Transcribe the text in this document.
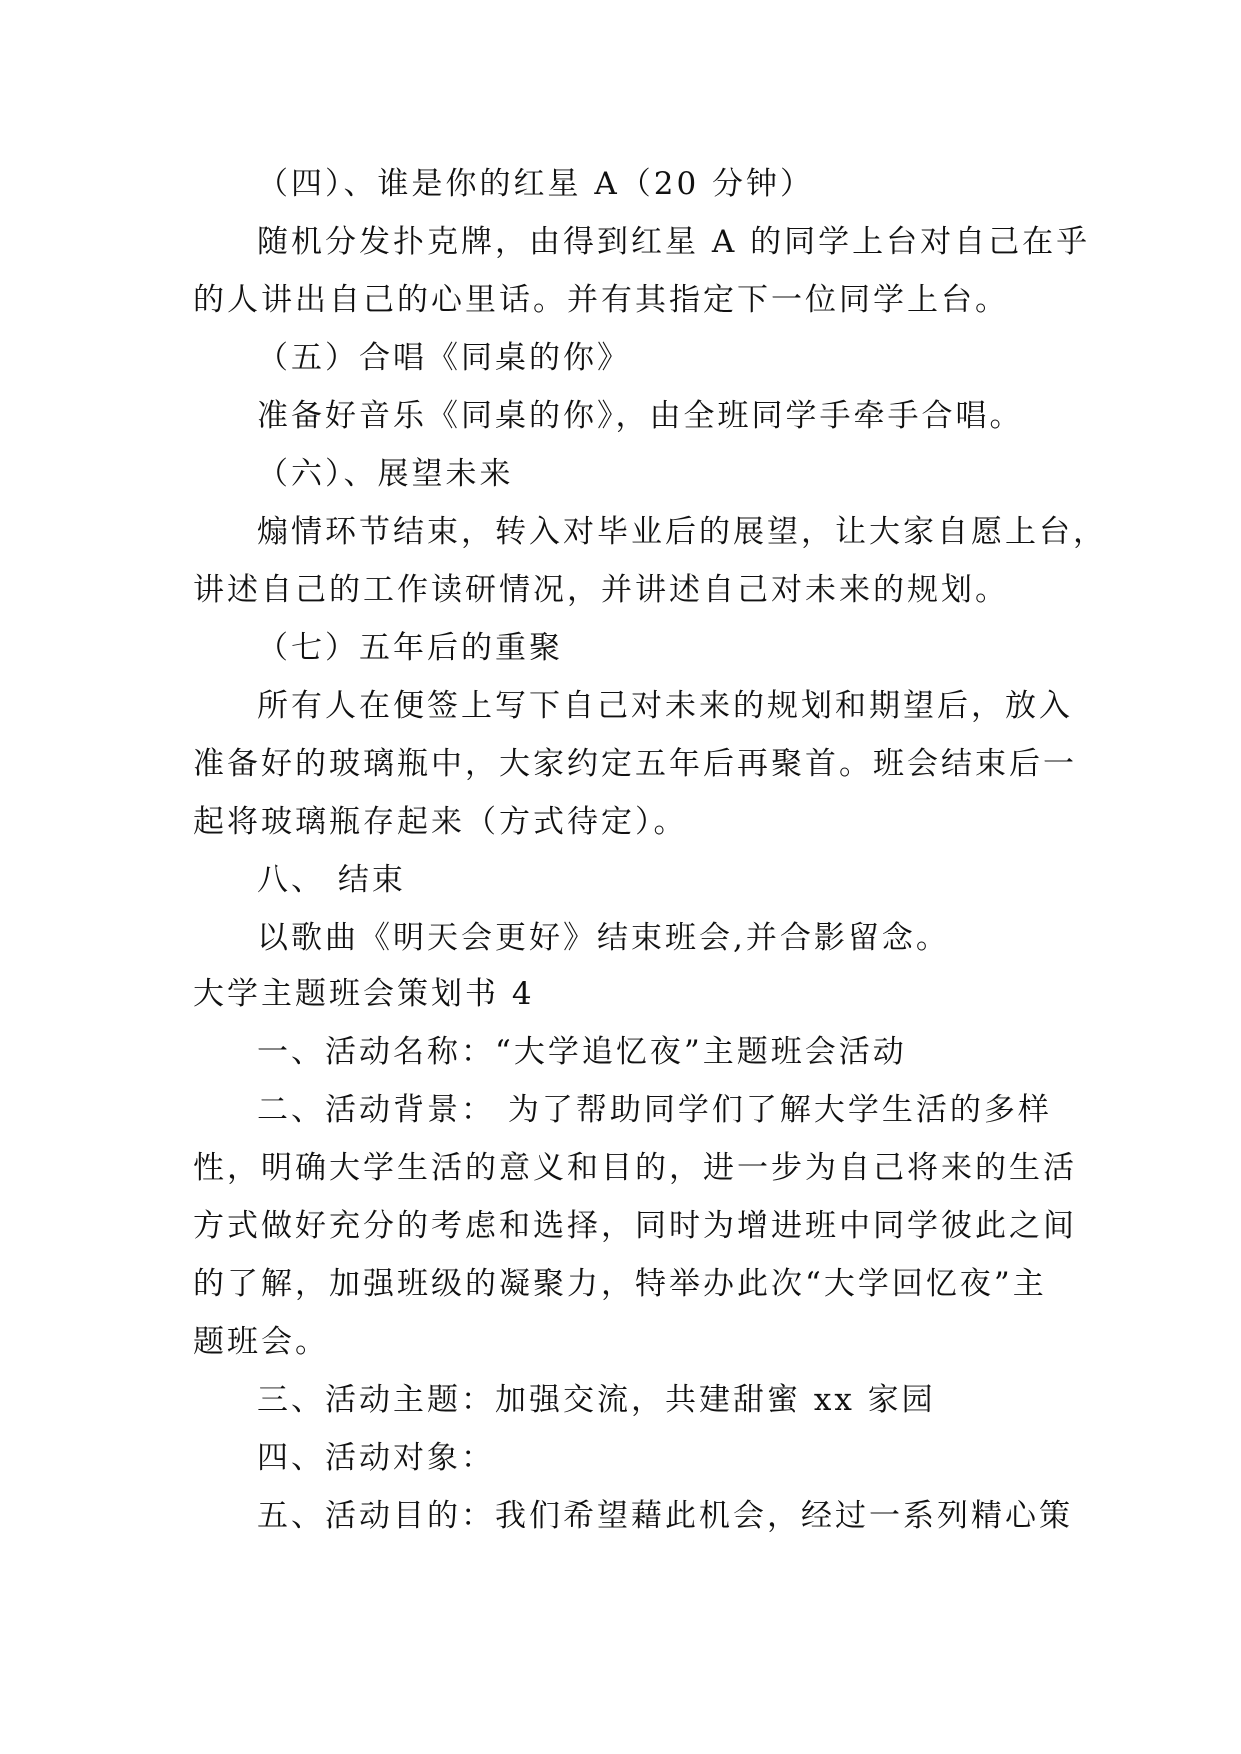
（四）、谁是你的红星 A（20 分钟）
随机分发扑克牌，由得到红星 A 的同学上台对自己在乎
的人讲出自己的心里话。并有其指定下一位同学上台。
（五）合唱《同桌的你》
准备好音乐《同桌的你》，由全班同学手牵手合唱。
（六）、展望未来
煽情环节结束，转入对毕业后的展望，让大家自愿上台，
讲述自己的工作读研情况，并讲述自己对未来的规划。
（七）五年后的重聚
所有人在便签上写下自己对未来的规划和期望后，放入
准备好的玻璃瓶中，大家约定五年后再聚首。班会结束后一
起将玻璃瓶存起来（方式待定）。
八、 结束
以歌曲《明天会更好》结束班会,并合影留念。
大学主题班会策划书 4
一、活动名称：“大学追忆夜”主题班会活动
二、活动背景： 为了帮助同学们了解大学生活的多样
性，明确大学生活的意义和目的，进一步为自己将来的生活
方式做好充分的考虑和选择，同时为增进班中同学彼此之间
的了解，加强班级的凝聚力，特举办此次“大学回忆夜”主
题班会。
三、活动主题：加强交流，共建甜蜜 xx 家园
四、活动对象：
五、活动目的：我们希望藉此机会，经过一系列精心策
